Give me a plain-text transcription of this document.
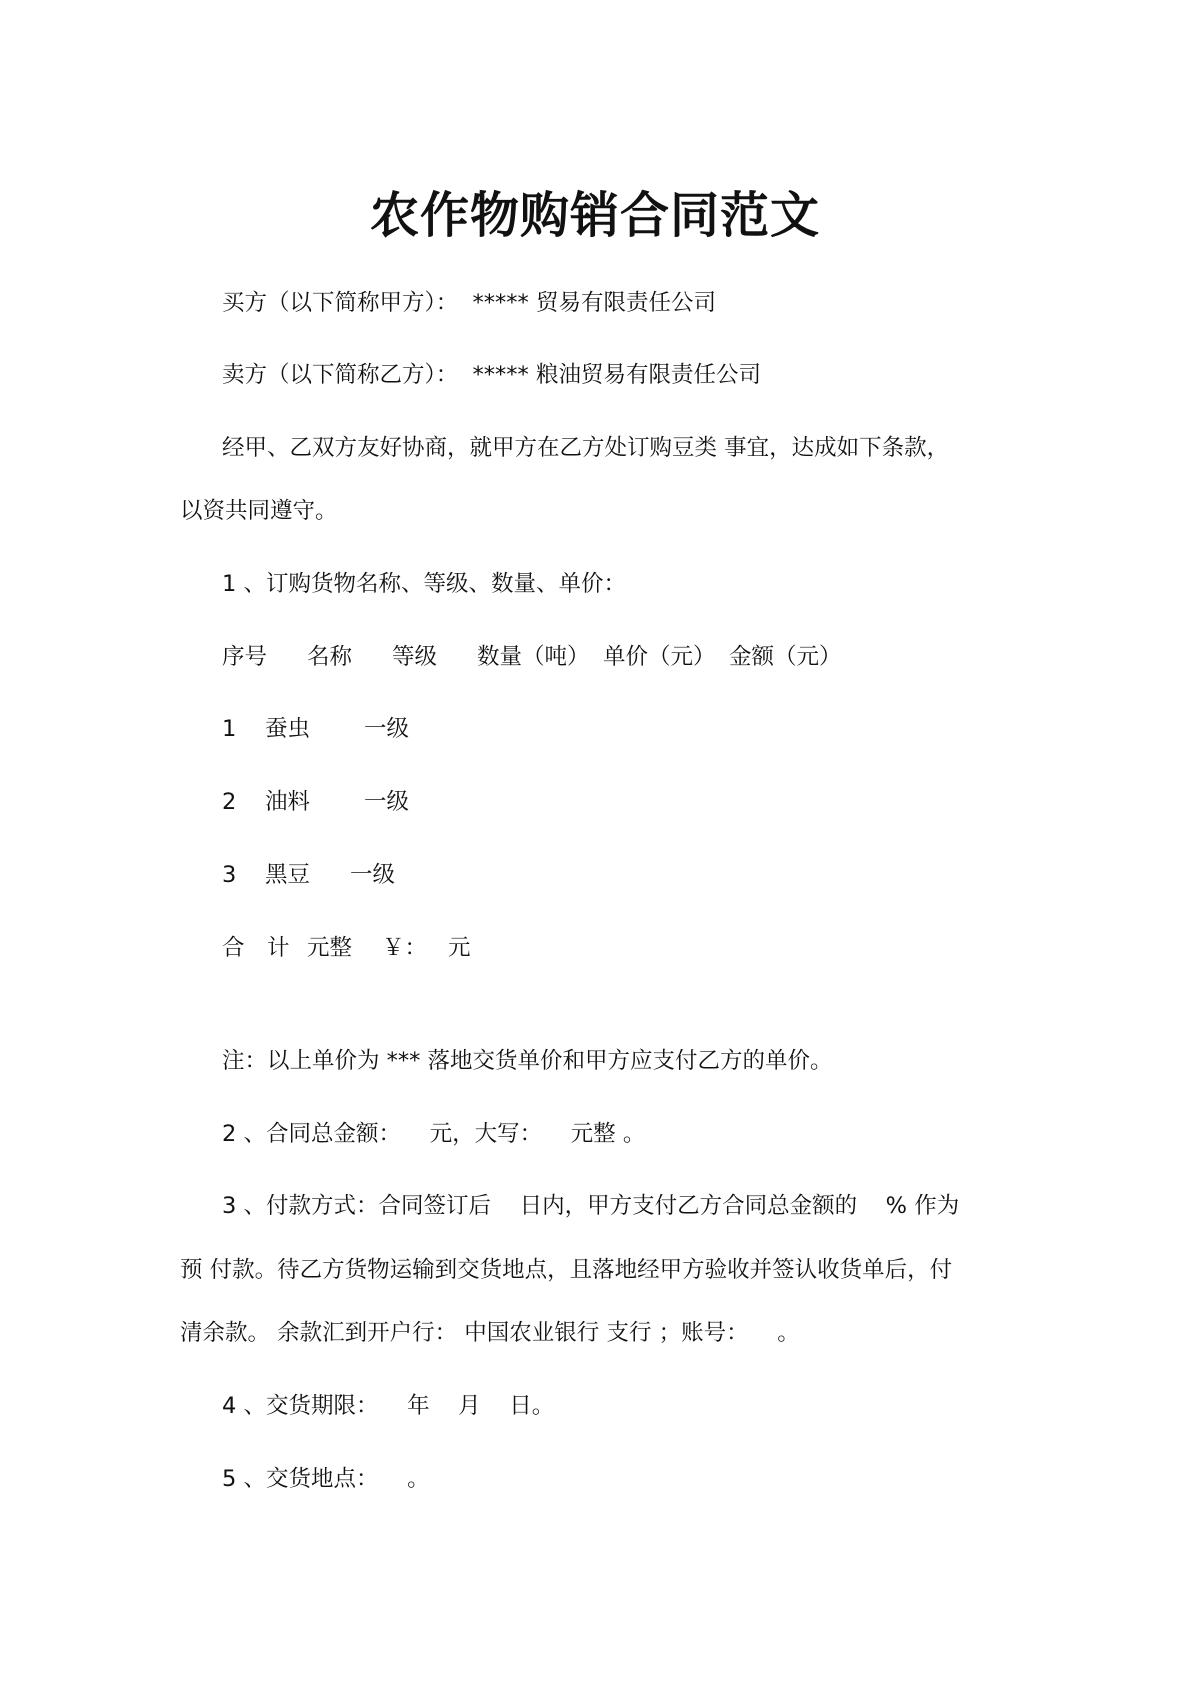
农作物购销合同范文

买方（以下简称甲方）：  ***** 贸易有限责任公司

卖方（以下简称乙方）：  ***** 粮油贸易有限责任公司

经甲、乙双方友好协商，就甲方在乙方处订购豆类 事宜，达成如下条款，

以资共同遵守。

1 、订购货物名称、等级、数量、单价：

序号 名称 等级 数量（吨） 单价（元） 金额（元）
1 蚕虫 一级
2 油料 一级
3 黑豆 一级
合 计 元整 ￥： 元

注：以上单价为 *** 落地交货单价和甲方应支付乙方的单价。

2 、合同总金额：    元，大写：    元整 。

3 、付款方式：合同签订后    日内，甲方支付乙方合同总金额的    % 作为

预 付款。待乙方货物运输到交货地点，且落地经甲方验收并签认收货单后，付

清余款。 余款汇到开户行： 中国农业银行 支行 ；账号：    。

4 、交货期限：    年    月    日。

5 、交货地点：    。
